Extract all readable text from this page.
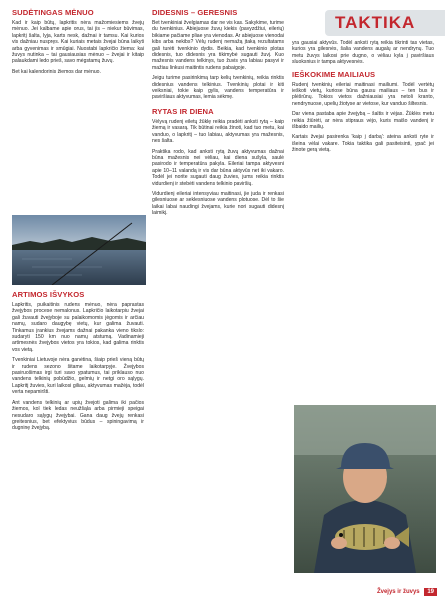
TAKTIKA
SUDĖTINGAS MĖNUO

Kad ir kaip būtų, lapkritis nėra mažomiesiems žvejų mėnuo. Jei kalbame apie orus, tai jis – niekur būvimas, lapkritį šalta, lyja, karts nesk, dažnai ir tamsu. Kai kurios vis dažniau nuspręs. Kai kuriais metais žvejai būna laikyti arba gyvenimas ir smūgiai. Nuostabi lapkričio žiema: kai žuvys nutinka – tai gausiausias mėnuo – žvejai ir kitaip palaukdami ledo prieš, savo mėgstamų žuvų.

Bet kai kalendorinis žiemos dar mėnuo.

ARTIMOS IŠVYKOS

Lapkritis, puikaitinis rudens mėnuo, nėra paprastas žvejybos procese nemalonus. Lapkričio laikotarpiu žvejai gali žuvauti žvejyboje su palaikomomis jėgomis ir arčiau namų, sudaro daugybę vietų, kur galima žuvauti. Tinkamus įrankius žvejams dažnai pakanka vieno tikslo: sudaryti 150 km nuo namų atstumą. Vadinamieji artimesnės žvejybos vietos yra tokios, kad galima rinktis vos vietą.

Tvenkiniai Lietuvoje nėra ganėtina, šiaip prieš vieną būtų ir rudens sezono šitame laikotarpyje. Žvejybos pasiruošimas irgi turi savo ypatumus, tai priklauso nuo vandens telkinių pobūdžio, gelmių ir netgi oro sąlygų. Lapkritį žuvies, kuri laikosi giliau, aktyvumas mažėja, todėl verta nepamiršti.

Ant vandens telkinių ar upių žvejoti galima iki pačios žiemos, kol tiek ledas neužšąla arba pirmieji speigai nesudaro sąlygų žvejybai. Gana daug žvejų renkasi greitesnius, bet efektyvius būdus – spiningavimą ir dugninę žvejybą.

DIDESNIS – GERESNIS

Bet tvenkiniai žvelgiamas dar ne vis kas. Sakykime, turime du tvenkinius. Abiejuose žuvų kiekis (pavyzdžiui, eilerių) bikiame pačiame pliae yra vienodas. Ar abiejuose vienodai kibs arba nekibs? Vėlų rudenį nemažą įtaką rezultatams gali turėti tvenkinio dydis. Beikia, kad tvenkinio plotas didesnis, tuo didesnis yra tikimybė sugauti žuvį. Kuo mažesnis vandens telkinys, tuo žuvis yra labiau pasyvi ir mažiau linkusi maitintis rudens pabaigoje.

Jeigu turime pasirinkimą tarp kelių tvenkinių, reikia rinktis didesnius vandens telkinius. Tvenkinių plotai ir kiti veiksniai, tokie kaip gylis, vandens temperatūra ir paviršiaus aktyvumas, lemia sėkmę.

RYTAS IR DIENA

Vėlyvą rudenį eiletų žūklę reikia pradėti anksti rytą – kaip žiemą ir vasarą. Tik būtinai reikia žinoti, kad tuo metu, kai vanduo, o lapkritį – tuo labiau, aktyvumas yra mažesnis, nes šalta.

Praktika rodo, kad anksti rytą žuvų aktyvumas dažnai būna mažesnis nei vėliau, kai diena sušyla, saulė pasirodo ir temperatūra pakyla. Eileriai tampa aktyvesni apie 10–11 valandą ir vis dar būna aktyvūs net iki vakaro. Todėl jei norite sugauti daug žuvies, jums reikia rinktis vidurdienį ir stebėti vandens telkinio paviršių.

Vidurdienį eileriai intensyviau maitinasi, jie juda ir renkasi gilesniuose ar seklesniuose vandens plotuose. Dėl to šie laikai labai naudingi žvejams, kurie nori sugauti didesnį laimikį.

yra gausiai aktyvūs. Todėl anksti rytą reikia tikrinti tas vietas, kurios yra gilesnės, šalia vandens augalų ar nendrynų. Tuo metu žuvys laikosi prie dugno, o vėliau kyla į paviršiaus sluoksnius ir tampa aktyvesnės.

IEŠKOKIME MAILIAUS

Rudenį tvenkinių eileriai maitinasi mailiumi. Todėl vertėtų ieškoti vietų, kuriose būna gausu mailiaus – ten bus ir plėšrūnų. Tokios vietos dažniausiai yra netoli kranto, nendrynuose, upelių žiotyse ar vietose, kur vanduo šiltesnis.

Dar viena pastaba apie žvejybą – šaltis ir vėjas. Žūklės metu reikia žiūrėti, ar nėra stipraus vėjo, kuris maišo vandenį ir išbaido mailių.

Kartais žvejai pasirenka 'kaip į darbą': ateina anksti ryte ir išeina vėlai vakare. Tokia taktika gali pasiteisinti, ypač jei žinote gerą vietą.

Žvejys ir žuvys 19
